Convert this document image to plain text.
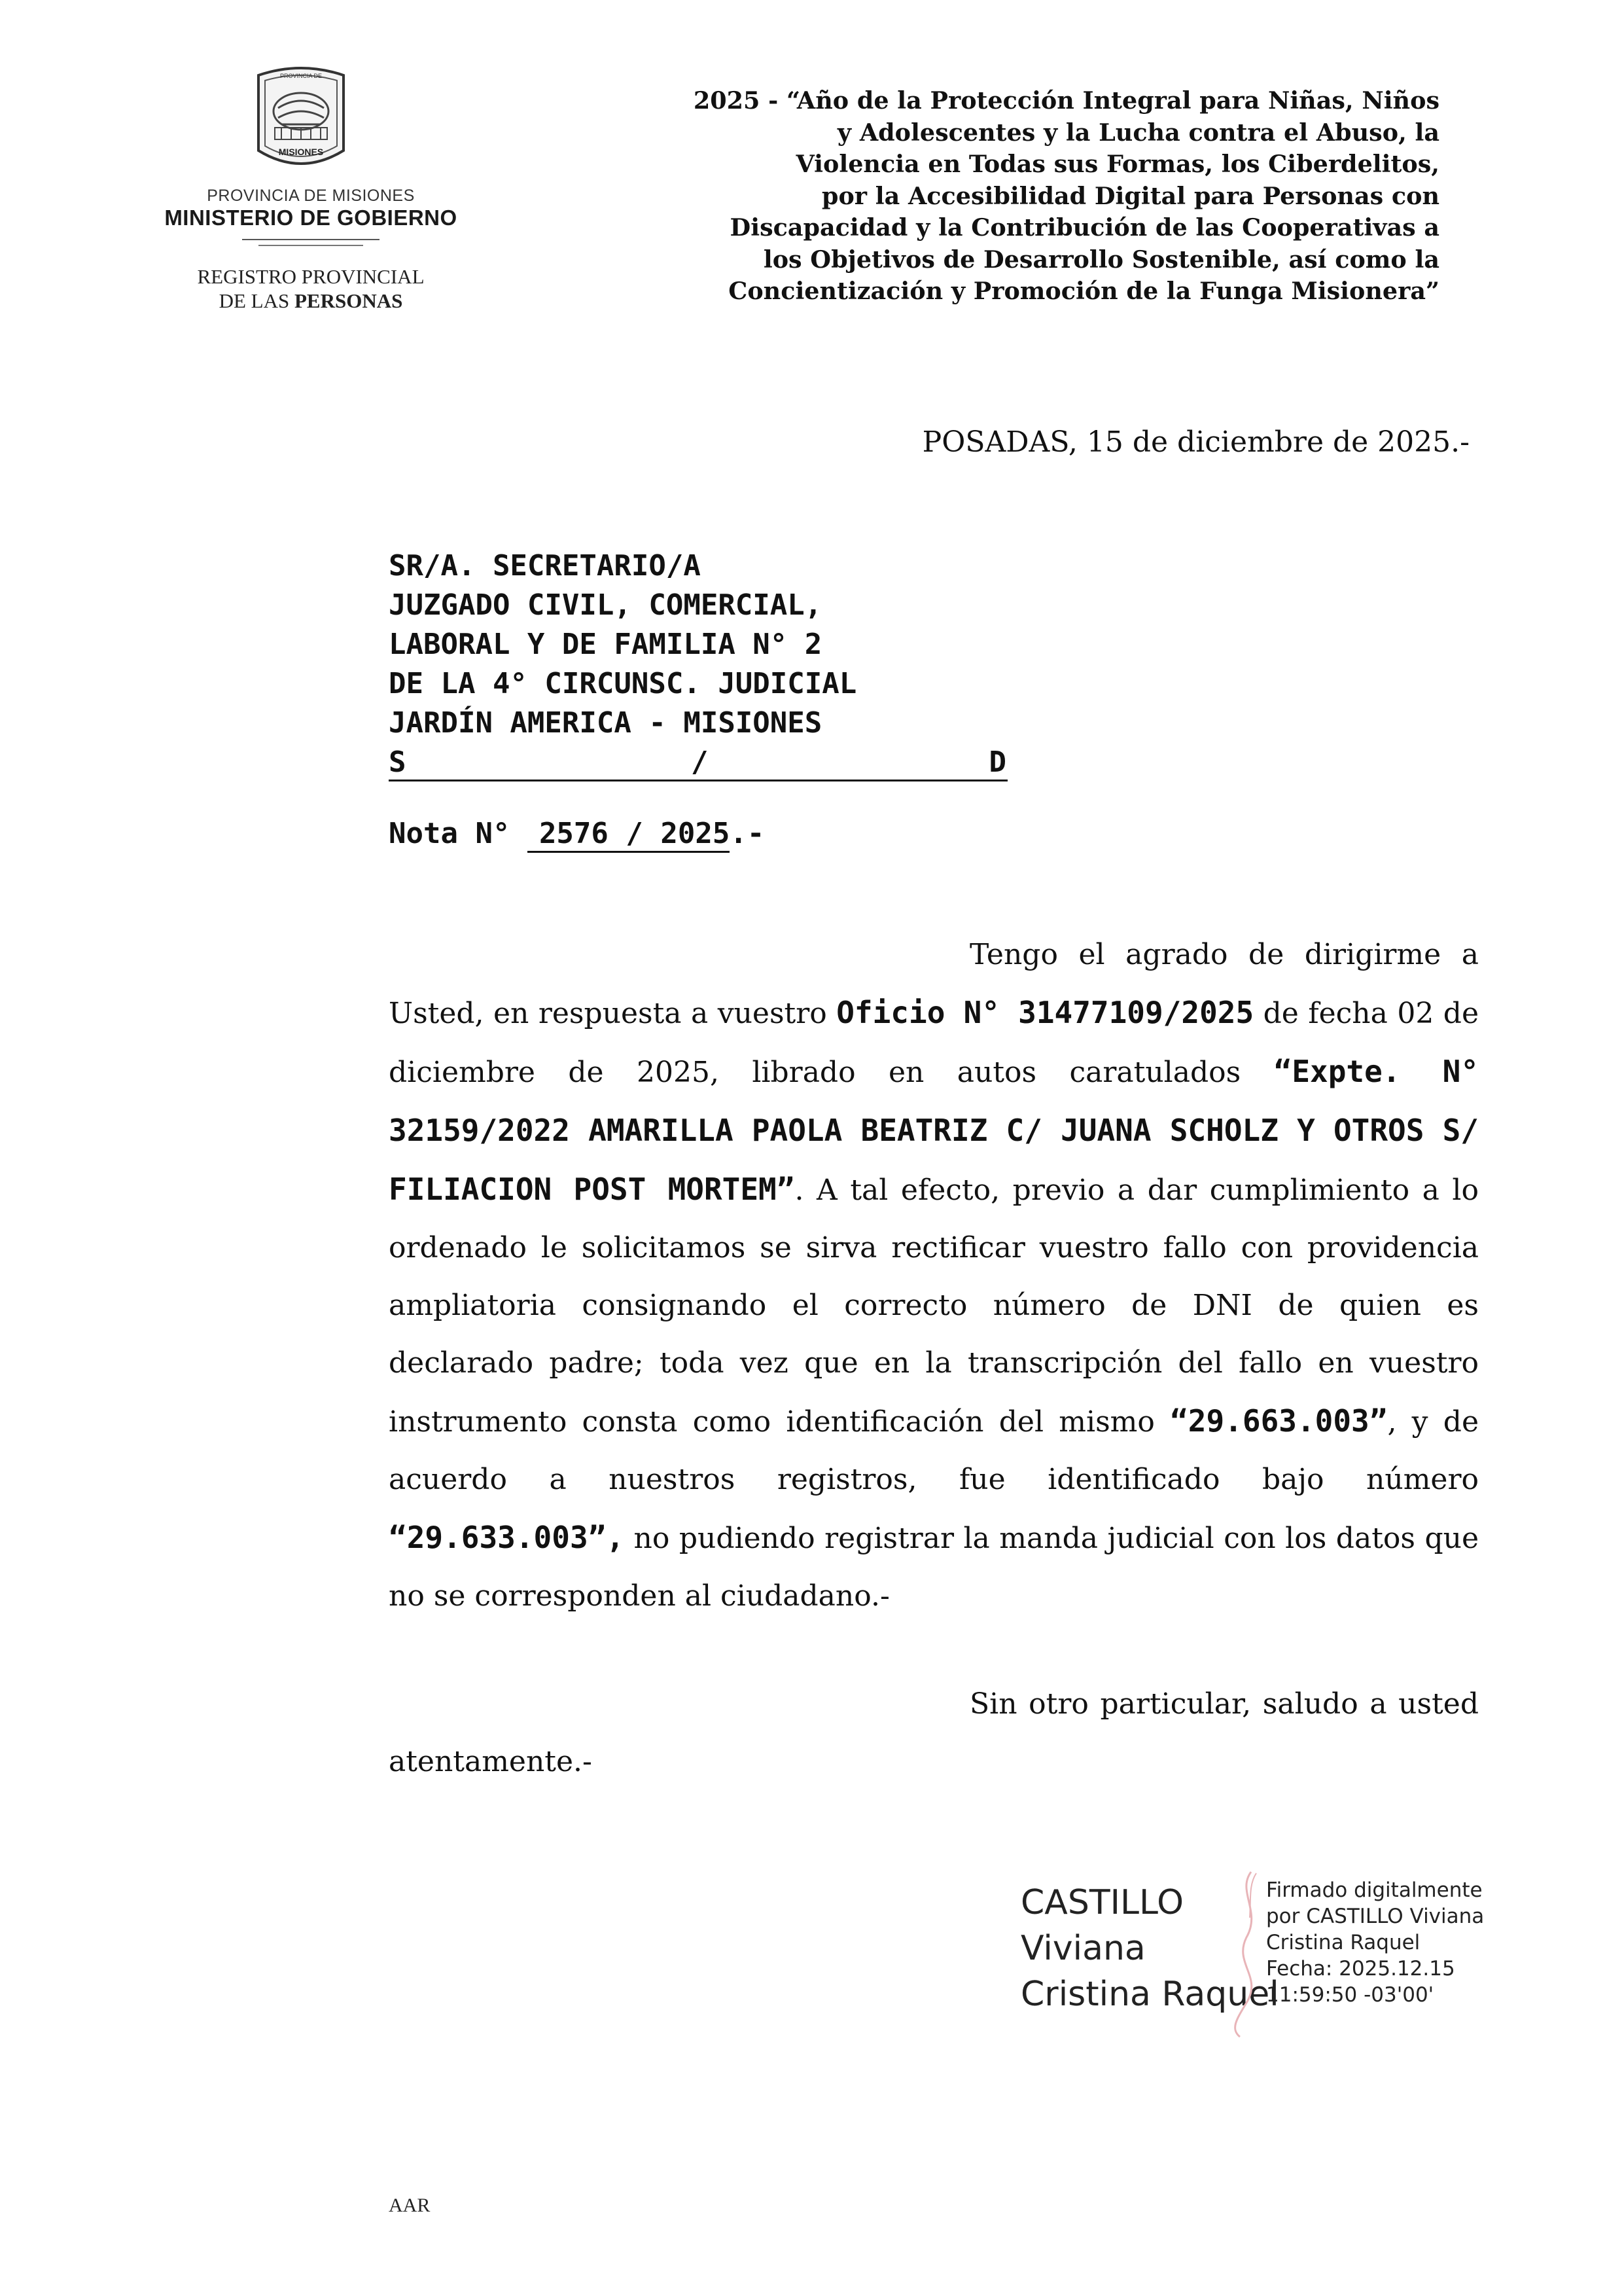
PROVINCIA DE
MISIONES
PROVINCIA DE MISIONES
MINISTERIO DE GOBIERNO
REGISTRO PROVINCIAL
DE LAS PERSONAS
2025 - “Año de la Protección Integral para Niñas, Niños
y Adolescentes y la Lucha contra el Abuso, la
Violencia en Todas sus Formas, los Ciberdelitos,
por la Accesibilidad Digital para Personas con
Discapacidad y la Contribución de las Cooperativas a
los Objetivos de Desarrollo Sostenible, así como la
Concientización y Promoción de la Funga Misionera”
POSADAS, 15 de diciembre de 2025.-
SR/A. SECRETARIO/A
JUZGADO CIVIL, COMERCIAL,
LABORAL Y DE FAMILIA N° 2
DE LA 4° CIRCUNSC. JUDICIAL
JARDÍN AMERICA - MISIONES
S	/	D
Nota N° 2576 / 2025.-
Tengo el agrado de dirigirme a Usted, en respuesta a vuestro Oficio N° 31477109/2025 de fecha 02 de diciembre de 2025, librado en autos caratulados “Expte. N° 32159/2022 AMARILLA PAOLA BEATRIZ C/ JUANA SCHOLZ Y OTROS S/ FILIACION POST MORTEM”. A tal efecto, previo a dar cumplimiento a lo ordenado le solicitamos se sirva rectificar vuestro fallo con providencia ampliatoria consignando el correcto número de DNI de quien es declarado padre; toda vez que en la transcripción del fallo en vuestro instrumento consta como identificación del mismo “29.663.003”, y de acuerdo a nuestros registros, fue identificado bajo número “29.633.003”, no pudiendo registrar la manda judicial con los datos que no se corresponden al ciudadano.-
Sin otro particular, saludo a usted atentamente.-
CASTILLO
Viviana
Cristina Raquel
Firmado digitalmente
por CASTILLO Viviana
Cristina Raquel
Fecha: 2025.12.15
11:59:50 -03'00'
AAR
